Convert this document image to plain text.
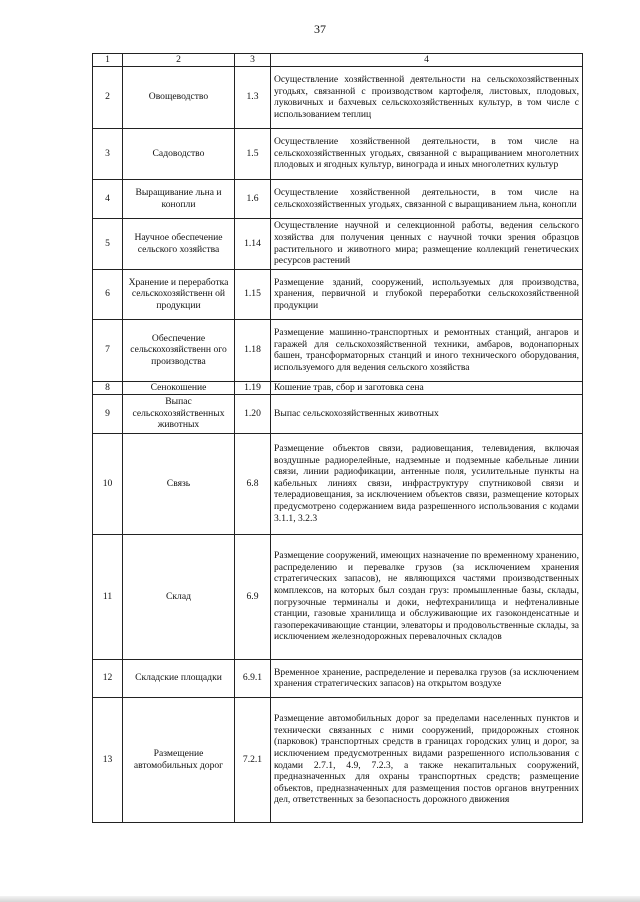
37
1	2	3	4
2	Овощеводство	1.3	Осуществление хозяйственной деятельности на сельскохозяйственных угодьях, связанной с производством картофеля, листовых, плодовых, луковичных и бахчевых сельскохозяйственных культур, в том числе с использованием теплиц
3	Садоводство	1.5	Осуществление хозяйственной деятельности, в том числе на сельскохозяйственных угодьях, связанной с выращиванием многолетних плодовых и ягодных культур, винограда и иных многолетних культур
4	Выращивание льна и конопли	1.6	Осуществление хозяйственной деятельности, в том числе на сельскохозяйственных угодьях, связанной с выращиванием льна, конопли
5	Научное обеспечение сельского хозяйства	1.14	Осуществление научной и селекционной работы, ведения сельского хозяйства для получения ценных с научной точки зрения образцов растительного и животного мира; размещение коллекций генетических ресурсов растений
6	Хранение и переработка сельскохозяйственн ой продукции	1.15	Размещение зданий, сооружений, используемых для производства, хранения, первичной и глубокой переработки сельскохозяйственной продукции
7	Обеспечение сельскохозяйственн ого производства	1.18	Размещение машинно-транспортных и ремонтных станций, ангаров и гаражей для сельскохозяйственной техники, амбаров, водонапорных башен, трансформаторных станций и иного технического оборудования, используемого для ведения сельского хозяйства
8	Сенокошение	1.19	Кошение трав, сбор и заготовка сена
9	Выпас сельскохозяйственных животных	1.20	Выпас сельскохозяйственных животных
10	Связь	6.8	Размещение объектов связи, радиовещания, телевидения, включая воздушные радиорелейные, надземные и подземные кабельные линии связи, линии радиофикации, антенные поля, усилительные пункты на кабельных линиях связи, инфраструктуру спутниковой связи и телерадиовещания, за исключением объектов связи, размещение которых предусмотрено содержанием вида разрешенного использования с кодами 3.1.1, 3.2.3
11	Склад	6.9	Размещение сооружений, имеющих назначение по временному хранению, распределению и перевалке грузов (за исключением хранения стратегических запасов), не являющихся частями производственных комплексов, на которых был создан груз: промышленные базы, склады, погрузочные терминалы и доки, нефтехранилища и нефтеналивные станции, газовые хранилища и обслуживающие их газоконденсатные и газоперекачивающие станции, элеваторы и продовольственные склады, за исключением железнодорожных перевалочных складов
12	Складские площадки	6.9.1	Временное хранение, распределение и перевалка грузов (за исключением хранения стратегических запасов) на открытом воздухе
13	Размещение автомобильных дорог	7.2.1	Размещение автомобильных дорог за пределами населенных пунктов и технически связанных с ними сооружений, придорожных стоянок (парковок) транспортных средств в границах городских улиц и дорог, за исключением предусмотренных видами разрешенного использования с кодами 2.7.1, 4.9, 7.2.3, а также некапитальных сооружений, предназначенных для охраны транспортных средств; размещение объектов, предназначенных для размещения постов органов внутренних дел, ответственных за безопасность дорожного движения
